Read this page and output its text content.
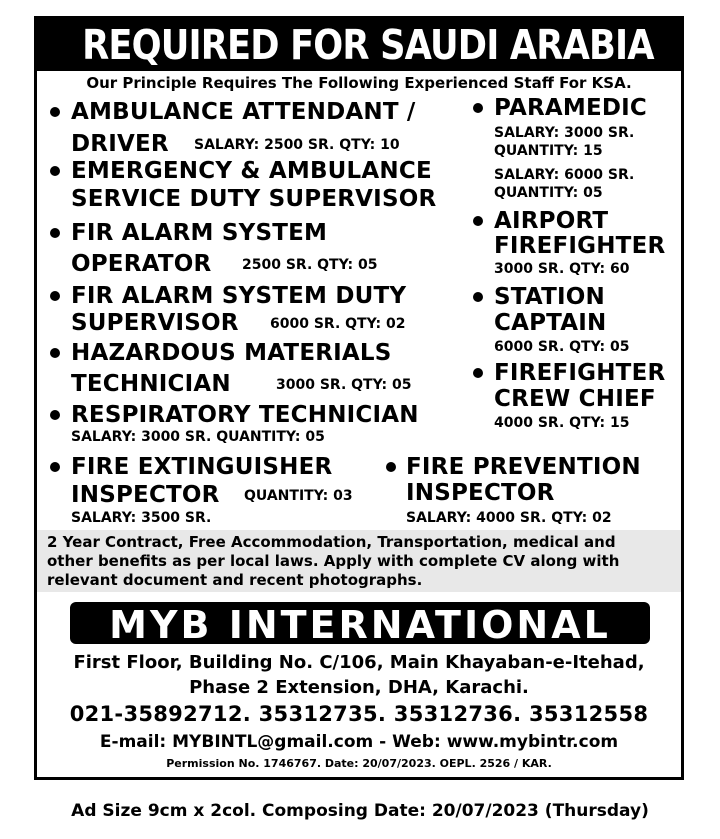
REQUIRED FOR SAUDI ARABIA
Our Principle Requires The Following Experienced Staff For KSA.
AMBULANCE ATTENDANT /
DRIVER SALARY: 2500 SR. QTY: 10
EMERGENCY & AMBULANCE
SERVICE DUTY SUPERVISOR
FIR ALARM SYSTEM
OPERATOR 2500 SR. QTY: 05
FIR ALARM SYSTEM DUTY
SUPERVISOR 6000 SR. QTY: 02
HAZARDOUS MATERIALS
TECHNICIAN	3000 SR. QTY: 05
RESPIRATORY TECHNICIAN
SALARY: 3000 SR. QUANTITY: 05
FIRE EXTINGUISHER
INSPECTOR QUANTITY: 03
SALARY: 3500 SR.
PARAMEDIC
SALARY: 3000 SR.
QUANTITY: 15
SALARY: 6000 SR.
QUANTITY: 05
AIRPORT
FIREFIGHTER
3000 SR. QTY: 60
STATION
CAPTAIN
6000 SR. QTY: 05
FIREFIGHTER
CREW CHIEF
4000 SR. QTY: 15
FIRE PREVENTION
INSPECTOR
SALARY: 4000 SR. QTY: 02
2 Year Contract, Free Accommodation, Transportation, medical and
other benefits as per local laws. Apply with complete CV along with
relevant document and recent photographs.
MYB INTERNATIONAL
First Floor, Building No. C/106, Main Khayaban-e-Itehad,
Phase 2 Extension, DHA, Karachi.
021-35892712. 35312735. 35312736. 35312558
E-mail: MYBINTL@gmail.com - Web: www.mybintr.com
Permission No. 1746767. Date: 20/07/2023. OEPL. 2526 / KAR.
Ad Size 9cm x 2col. Composing Date: 20/07/2023 (Thursday)
